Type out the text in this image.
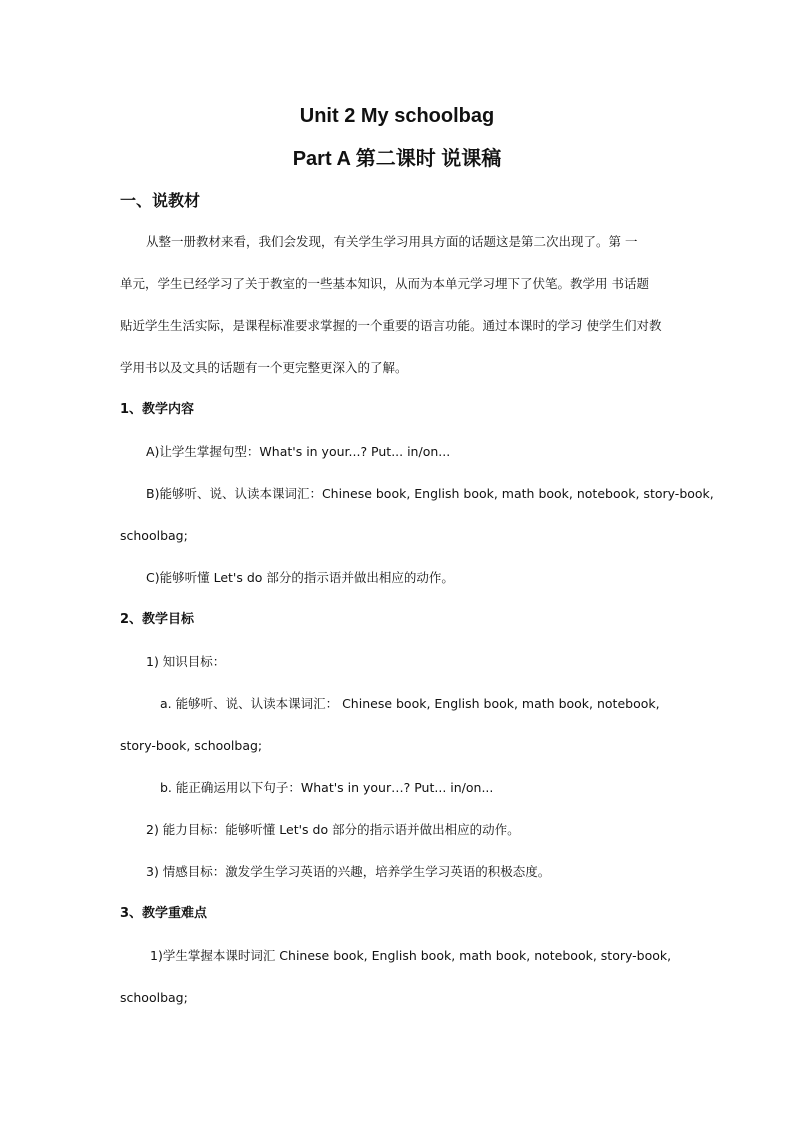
Unit 2 My schoolbag
Part A 第二课时 说课稿
一、说教材
从整一册教材来看，我们会发现，有关学生学习用具方面的话题这是第二次出现了。第 一
单元，学生已经学习了关于教室的一些基本知识，从而为本单元学习埋下了伏笔。教学用 书话题
贴近学生生活实际，是课程标准要求掌握的一个重要的语言功能。通过本课时的学习 使学生们对教
学用书以及文具的话题有一个更完整更深入的了解。
1、教学内容
A)让学生掌握句型：What's in your...? Put... in/on...
B)能够听、说、认读本课词汇：Chinese book, English book, math book, notebook, story-book,
schoolbag;
C)能够听懂 Let's do 部分的指示语并做出相应的动作。
2、教学目标
1) 知识目标：
a. 能够听、说、认读本课词汇： Chinese book, English book, math book, notebook,
story-book, schoolbag;
b. 能正确运用以下句子：What's in your…? Put... in/on...
2) 能力目标：能够听懂 Let's do 部分的指示语并做出相应的动作。
3) 情感目标：激发学生学习英语的兴趣，培养学生学习英语的积极态度。
3、教学重难点
1)学生掌握本课时词汇 Chinese book, English book, math book, notebook, story-book,
schoolbag;
